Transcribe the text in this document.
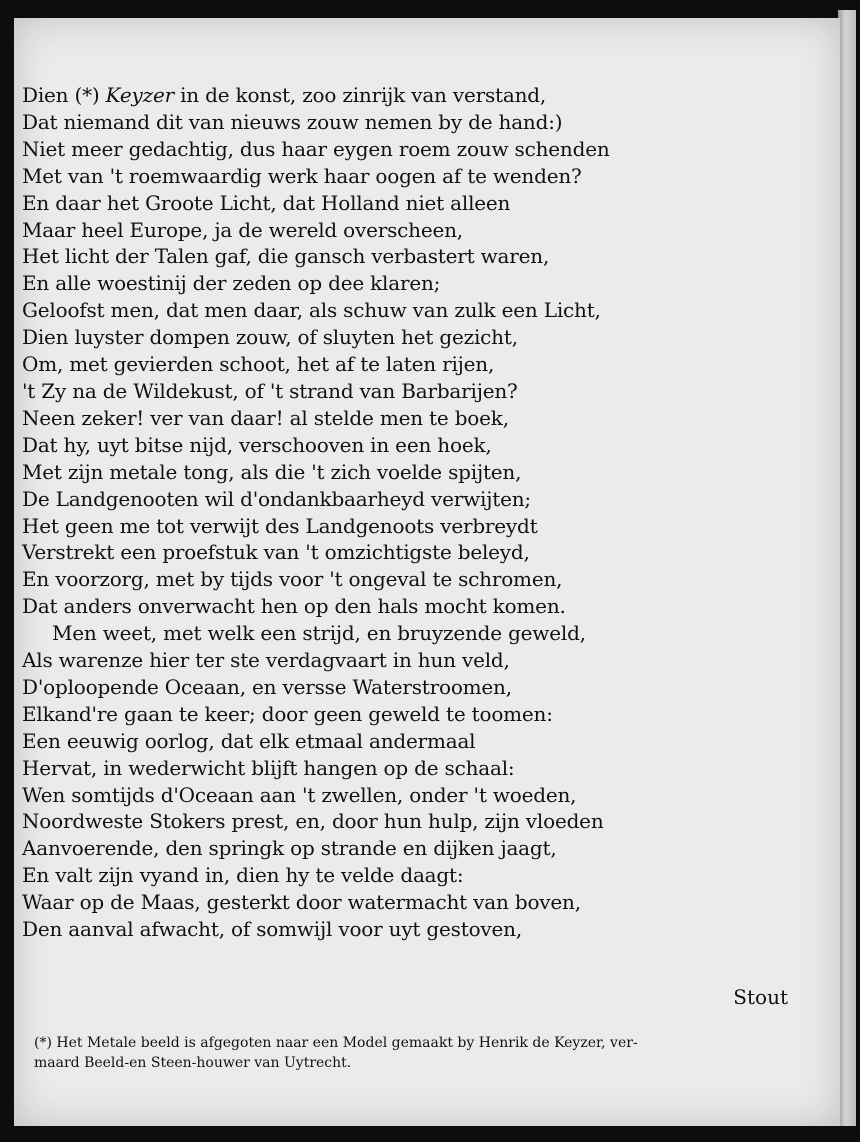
Dien (*) Keyzer in de konst, zoo zinrijk van verstand,
Dat niemand dit van nieuws zouw nemen by de hand:)
Niet meer gedachtig, dus haar eygen roem zouw schenden
Met van 't roemwaardig werk haar oogen af te wenden?
En daar het Groote Licht, dat Holland niet alleen
Maar heel Europe, ja de wereld overscheen,
Het licht der Talen gaf, die gansch verbastert waren,
En alle woestinij der zeden op dee klaren;
Geloofst men, dat men daar, als schuw van zulk een Licht,
Dien luyster dompen zouw, of sluyten het gezicht,
Om, met gevierden schoot, het af te laten rijen,
't Zy na de Wildekust, of 't strand van Barbarijen?
Neen zeker! ver van daar! al stelde men te boek,
Dat hy, uyt bitse nijd, verschooven in een hoek,
Met zijn metale tong, als die 't zich voelde spijten,
De Landgenooten wil d'ondankbaarheyd verwijten;
Het geen me tot verwijt des Landgenoots verbreydt
Verstrekt een proefstuk van 't omzichtigste beleyd,
En voorzorg, met by tijds voor 't ongeval te schromen,
Dat anders onverwacht hen op den hals mocht komen.
Men weet, met welk een strijd, en bruyzende geweld,
Als warenze hier ter ste verdagvaart in hun veld,
D'oploopende Oceaan, en versse Waterstroomen,
Elkand're gaan te keer; door geen geweld te toomen:
Een eeuwig oorlog, dat elk etmaal andermaal
Hervat, in wederwicht blijft hangen op de schaal:
Wen somtijds d'Oceaan aan 't zwellen, onder 't woeden,
Noordweste Stokers prest, en, door hun hulp, zijn vloeden
Aanvoerende, den springk op strande en dijken jaagt,
En valt zijn vyand in, dien hy te velde daagt:
Waar op de Maas, gesterkt door watermacht van boven,
Den aanval afwacht, of somwijl voor uyt gestoven,
Stout
(*) Het Metale beeld is afgegoten naar een Model gemaakt by Henrik de Keyzer, ver-
maard Beeld-en Steen-houwer van Uytrecht.
